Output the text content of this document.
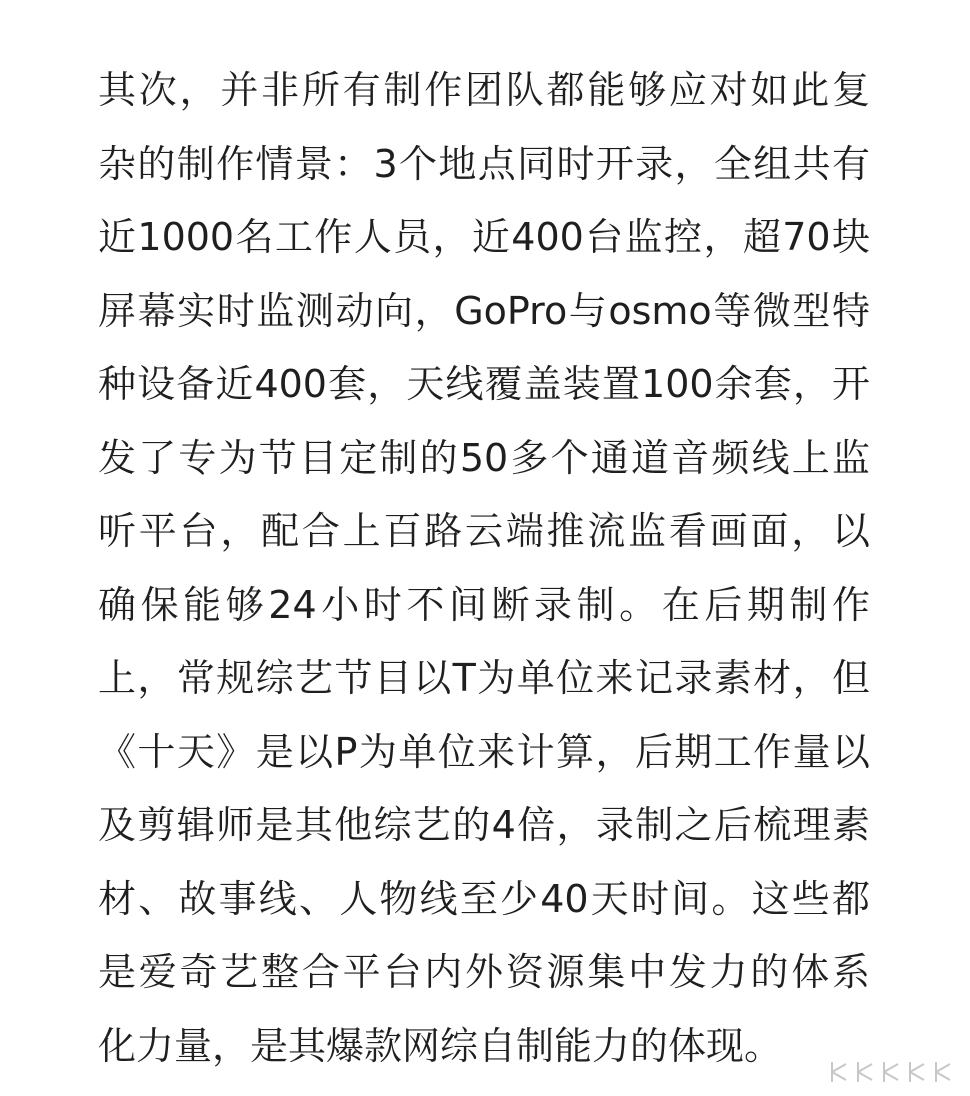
其次，并非所有制作团队都能够应对如此复
杂的制作情景：3个地点同时开录，全组共有
近1000名工作人员，近400台监控，超70块
屏幕实时监测动向，GoPro与osmo等微型特
种设备近400套，天线覆盖装置100余套，开
发了专为节目定制的50多个通道音频线上监
听平台，配合上百路云端推流监看画面，以
确保能够24小时不间断录制。在后期制作
上，常规综艺节目以T为单位来记录素材，但
《十天》是以P为单位来计算，后期工作量以
及剪辑师是其他综艺的4倍，录制之后梳理素
材、故事线、人物线至少40天时间。这些都
是爱奇艺整合平台内外资源集中发力的体系
化力量，是其爆款网综自制能力的体现。
